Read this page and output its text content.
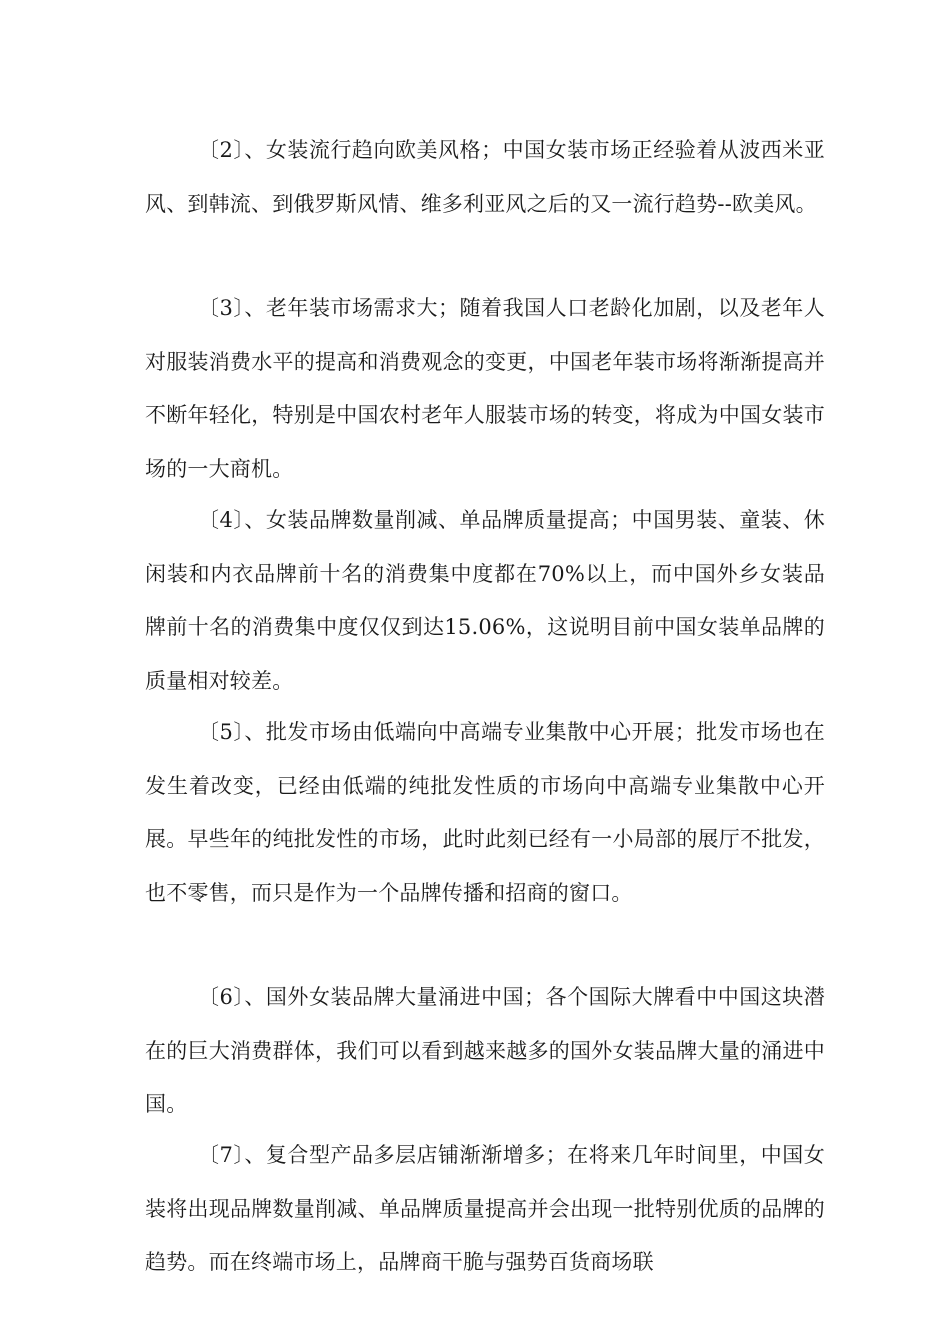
〔2〕、女装流行趋向欧美风格；中国女装市场正经验着从波西米亚风、到韩流、到俄罗斯风情、维多利亚风之后的又一流行趋势--欧美风。

〔3〕、老年装市场需求大；随着我国人口老龄化加剧，以及老年人对服装消费水平的提高和消费观念的变更，中国老年装市场将渐渐提高并不断年轻化，特别是中国农村老年人服装市场的转变，将成为中国女装市场的一大商机。

〔4〕、女装品牌数量削减、单品牌质量提高；中国男装、童装、休闲装和内衣品牌前十名的消费集中度都在70%以上，而中国外乡女装品牌前十名的消费集中度仅仅到达15.06%，这说明目前中国女装单品牌的质量相对较差。

〔5〕、批发市场由低端向中高端专业集散中心开展；批发市场也在发生着改变，已经由低端的纯批发性质的市场向中高端专业集散中心开展。早些年的纯批发性的市场，此时此刻已经有一小局部的展厅不批发，也不零售，而只是作为一个品牌传播和招商的窗口。

〔6〕、国外女装品牌大量涌进中国；各个国际大牌看中中国这块潜在的巨大消费群体，我们可以看到越来越多的国外女装品牌大量的涌进中国。

〔7〕、复合型产品多层店铺渐渐增多；在将来几年时间里，中国女装将出现品牌数量削减、单品牌质量提高并会出现一批特别优质的品牌的趋势。而在终端市场上，品牌商干脆与强势百货商场联
